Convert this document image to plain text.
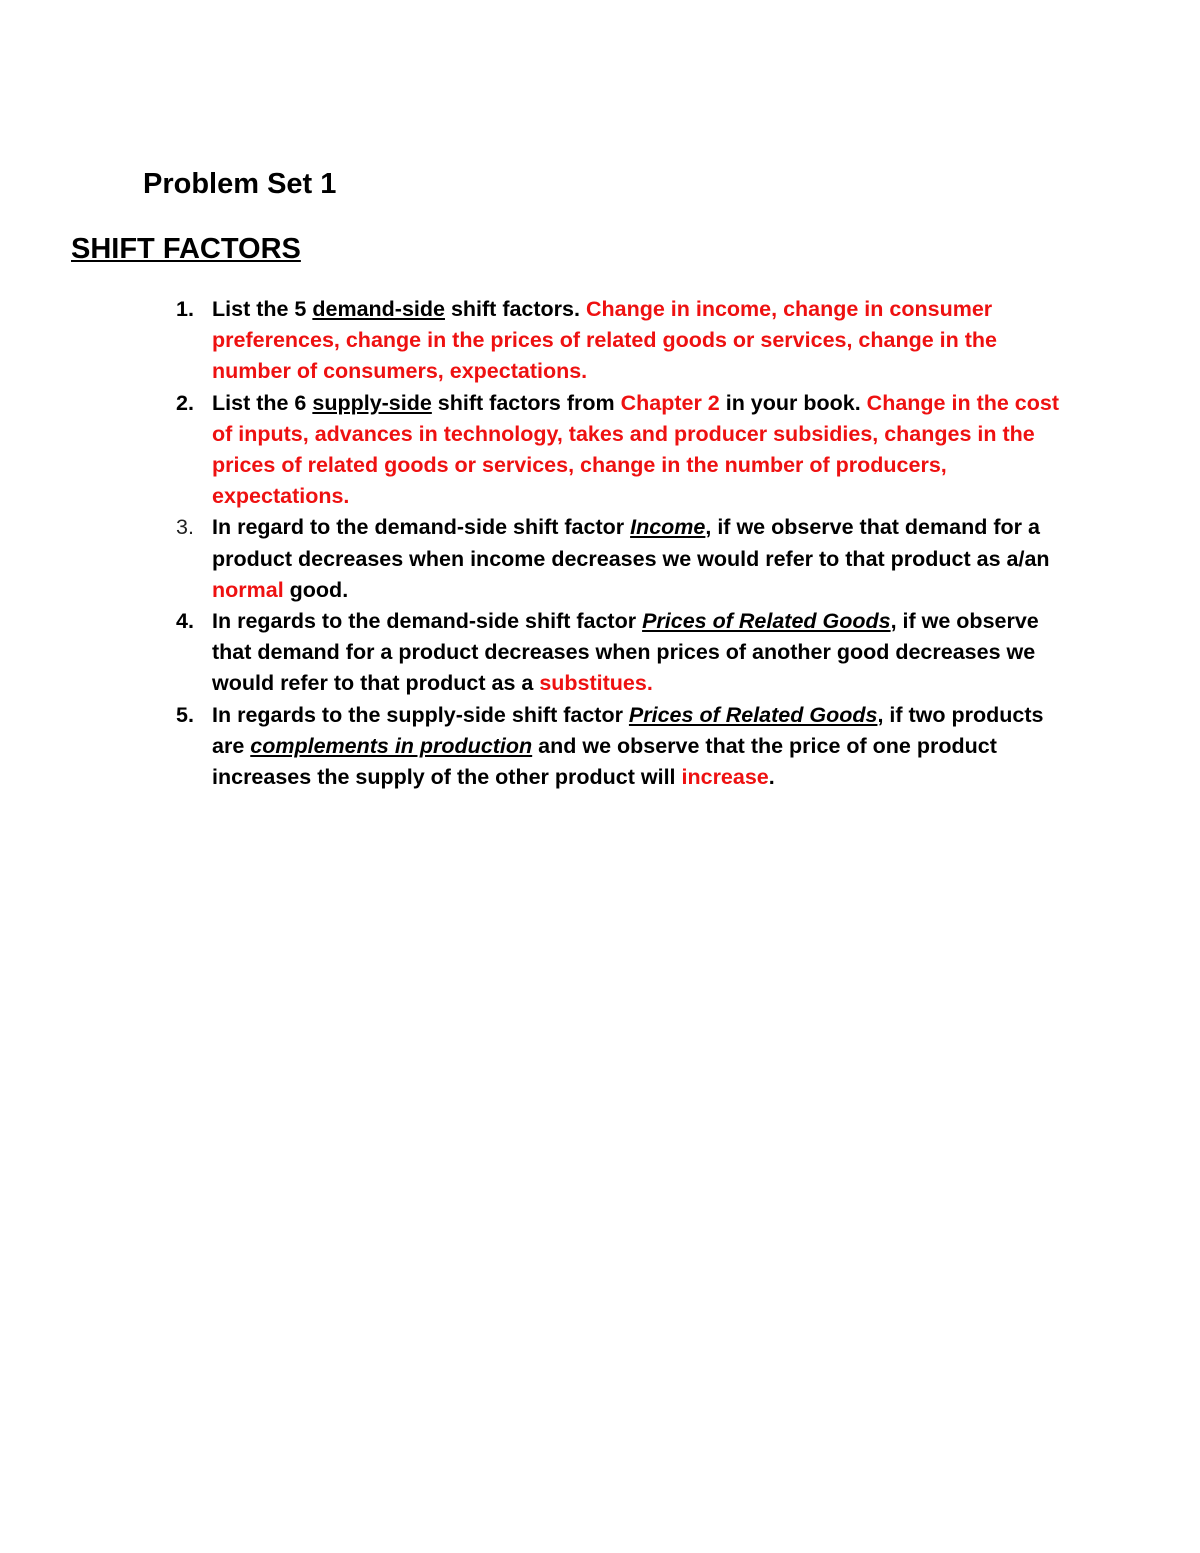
Problem Set 1
SHIFT FACTORS
1. List the 5 demand-side shift factors. Change in income, change in consumer preferences, change in the prices of related goods or services, change in the number of consumers, expectations.
2. List the 6 supply-side shift factors from Chapter 2 in your book. Change in the cost of inputs, advances in technology, takes and producer subsidies, changes in the prices of related goods or services, change in the number of producers, expectations.
3. In regard to the demand-side shift factor Income, if we observe that demand for a product decreases when income decreases we would refer to that product as a/an normal good.
4. In regards to the demand-side shift factor Prices of Related Goods, if we observe that demand for a product decreases when prices of another good decreases we would refer to that product as a substitues.
5. In regards to the supply-side shift factor Prices of Related Goods, if two products are complements in production and we observe that the price of one product increases the supply of the other product will increase.
